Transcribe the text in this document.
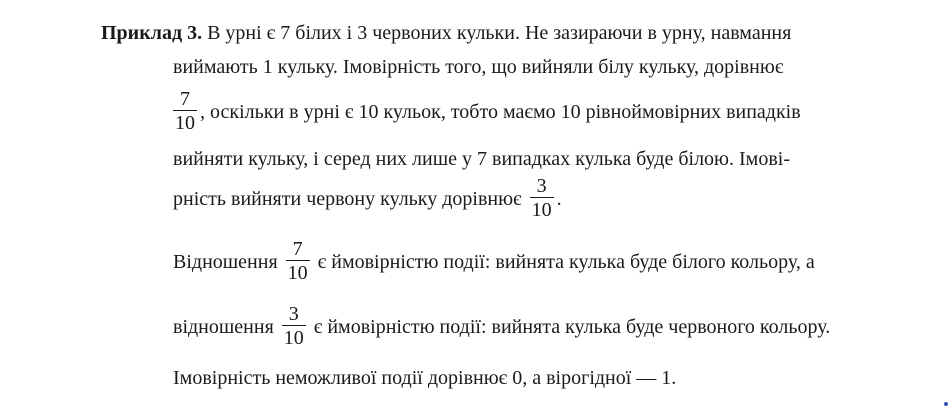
Приклад 3. В урні є 7 білих і 3 червоних кульки. Не зазираючи в урну, навмання
виймають 1 кульку. Імовірність того, що вийняли білу кульку, дорівнює
$\frac{7}{10}$ , оскільки в урні є 10 кульок, тобто маємо 10 рівноймовірних випадків
вийняти кульку, і серед них лише у 7 випадках кулька буде білою. Імові-
рність вийняти червону кульку дорівнює $\frac{3}{10}$ .
Відношення $\frac{7}{10}$ є ймовірністю події: вийнята кулька буде білого кольору, а
відношення $\frac{3}{10}$ є ймовірністю події: вийнята кулька буде червоного кольору.
Імовірність неможливої події дорівнює 0, а вірогідної — 1.
